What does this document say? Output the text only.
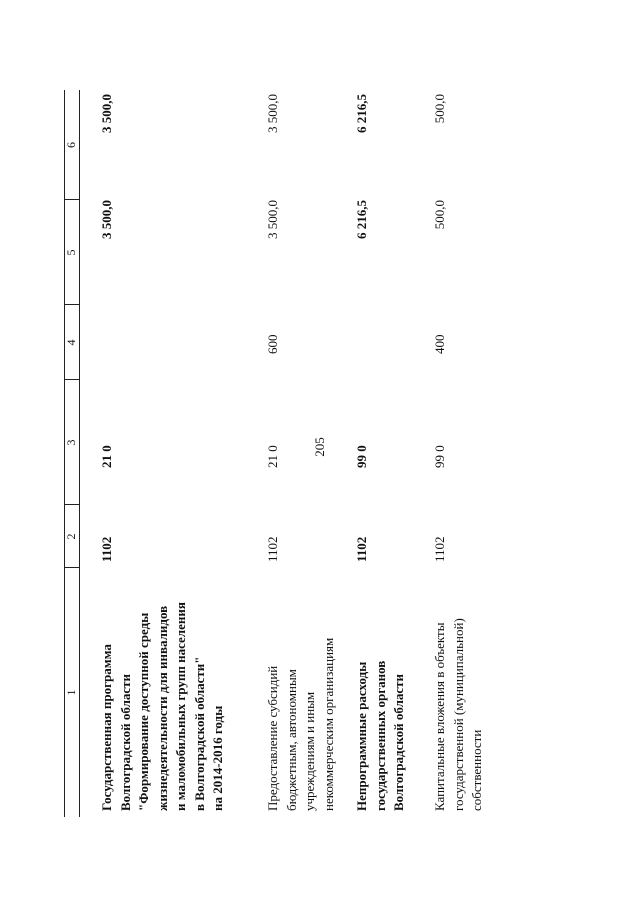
205
1
2
3
4
5
6
Государственная программа Волгоградской области "Формирование доступной среды жизнедеятельности для инвалидов и маломобильных групп населения в Волгоградской области" на 2014-2016 годы
1102
21 0
3 500,0
3 500,0
Предоставление субсидий бюджетным, автономным учреждениям и иным некоммерческим организациям
1102
21 0
600
3 500,0
3 500,0
Непрограммные расходы государственных органов Волгоградской области
1102
99 0
6 216,5
6 216,5
Капитальные вложения в объекты государственной (муниципальной) собственности
1102
99 0
400
500,0
500,0
